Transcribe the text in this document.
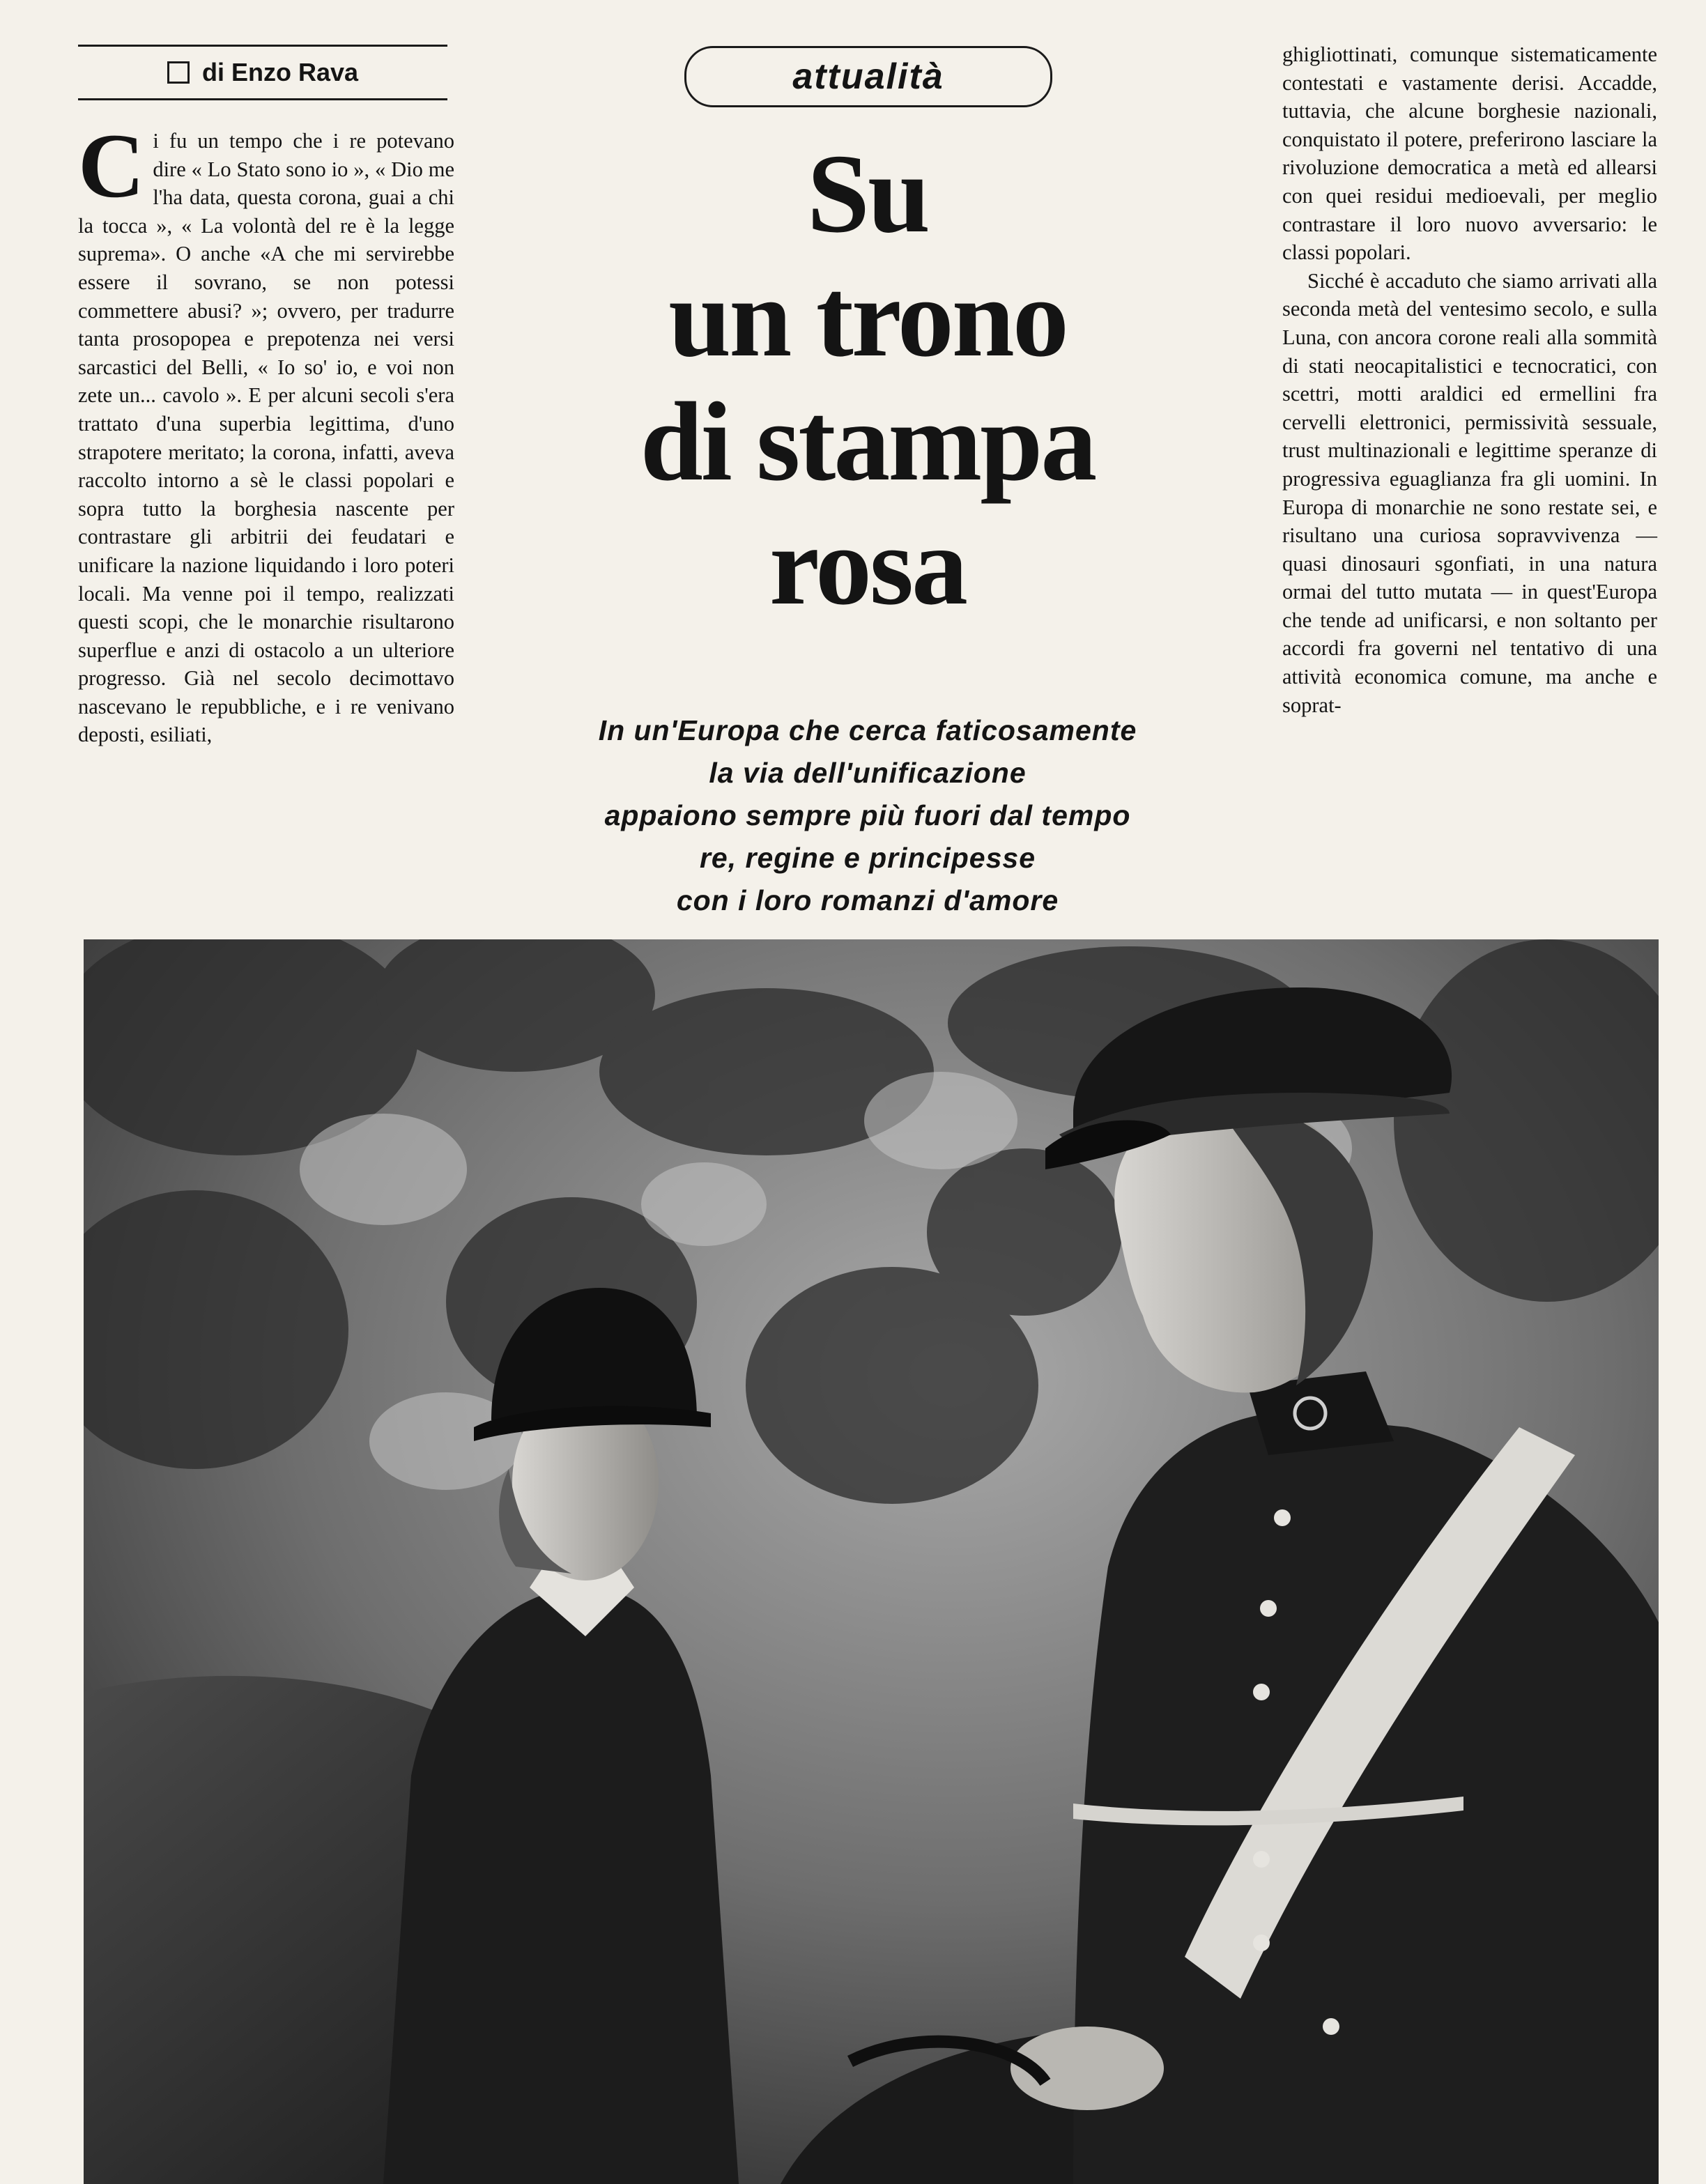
di Enzo Rava

Ci fu un tempo che i re potevano dire « Lo Stato sono io », « Dio me l'ha data, questa corona, guai a chi la tocca », « La volontà del re è la legge suprema». O anche «A che mi servirebbe essere il sovrano, se non potessi commettere abusi? »; ovvero, per tradurre tanta prosopopea e prepotenza nei versi sarcastici del Belli, « Io so' io, e voi non zete un... cavolo ». E per alcuni secoli s'era trattato d'una superbia legittima, d'uno strapotere meritato; la corona, infatti, aveva raccolto intorno a sè le classi popolari e sopra tutto la borghesia nascente per contrastare gli arbitrii dei feudatari e unificare la nazione liquidando i loro poteri locali. Ma venne poi il tempo, realizzati questi scopi, che le monarchie risultarono superflue e anzi di ostacolo a un ulteriore progresso. Già nel secolo decimottavo nascevano le repubbliche, e i re venivano deposti, esiliati,

attualità
Su
un trono
di stampa
rosa
In un'Europa che cerca faticosamente
la via dell'unificazione
appaiono sempre più fuori dal tempo
re, regine e principesse
con i loro romanzi d'amore

ghigliottinati, comunque sistematicamente contestati e vastamente derisi. Accadde, tuttavia, che alcune borghesie nazionali, conquistato il potere, preferirono lasciare la rivoluzione democratica a metà ed allearsi con quei residui medioevali, per meglio contrastare il loro nuovo avversario: le classi popolari.

Sicché è accaduto che siamo arrivati alla seconda metà del ventesimo secolo, e sulla Luna, con ancora corone reali alla sommità di stati neocapitalistici e tecnocratici, con scettri, motti araldici ed ermellini fra cervelli elettronici, permissività sessuale, trust multinazionali e legittime speranze di progressiva eguaglianza fra gli uomini. In Europa di monarchie ne sono restate sei, e risultano una curiosa sopravvivenza — quasi dinosauri sgonfiati, in una natura ormai del tutto mutata — in quest'Europa che tende ad unificarsi, e non soltanto per accordi fra governi nel tentativo di una attività economica comune, ma anche e soprat-
